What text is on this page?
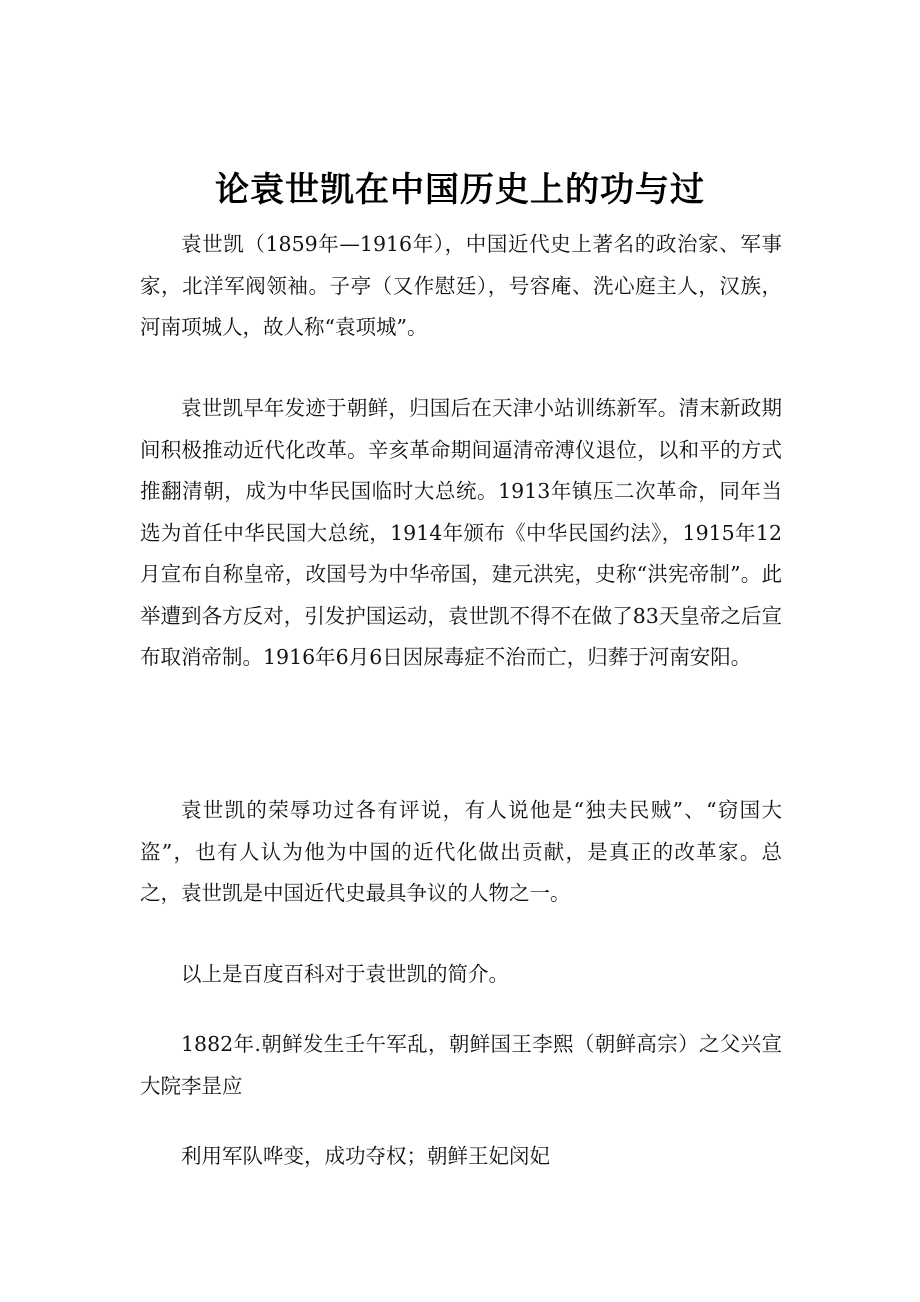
论袁世凯在中国历史上的功与过

袁世凯（1859年—1916年），中国近代史上著名的政治家、军事家，北洋军阀领袖。子亭（又作慰廷），号容庵、洗心庭主人，汉族，河南项城人，故人称“袁项城”。

袁世凯早年发迹于朝鲜，归国后在天津小站训练新军。清末新政期间积极推动近代化改革。辛亥革命期间逼清帝溥仪退位，以和平的方式推翻清朝，成为中华民国临时大总统。1913年镇压二次革命，同年当选为首任中华民国大总统，1914年颁布《中华民国约法》，1915年12月宣布自称皇帝，改国号为中华帝国，建元洪宪，史称“洪宪帝制”。此举遭到各方反对，引发护国运动，袁世凯不得不在做了83天皇帝之后宣布取消帝制。1916年6月6日因尿毒症不治而亡，归葬于河南安阳。

袁世凯的荣辱功过各有评说，有人说他是“独夫民贼”、“窃国大盗”，也有人认为他为中国的近代化做出贡献，是真正的改革家。总之，袁世凯是中国近代史最具争议的人物之一。

以上是百度百科对于袁世凯的简介。

1882年.朝鲜发生壬午军乱，朝鲜国王李熙（朝鲜高宗）之父兴宣大院李昰应

利用军队哗变，成功夺权；朝鲜王妃闵妃
